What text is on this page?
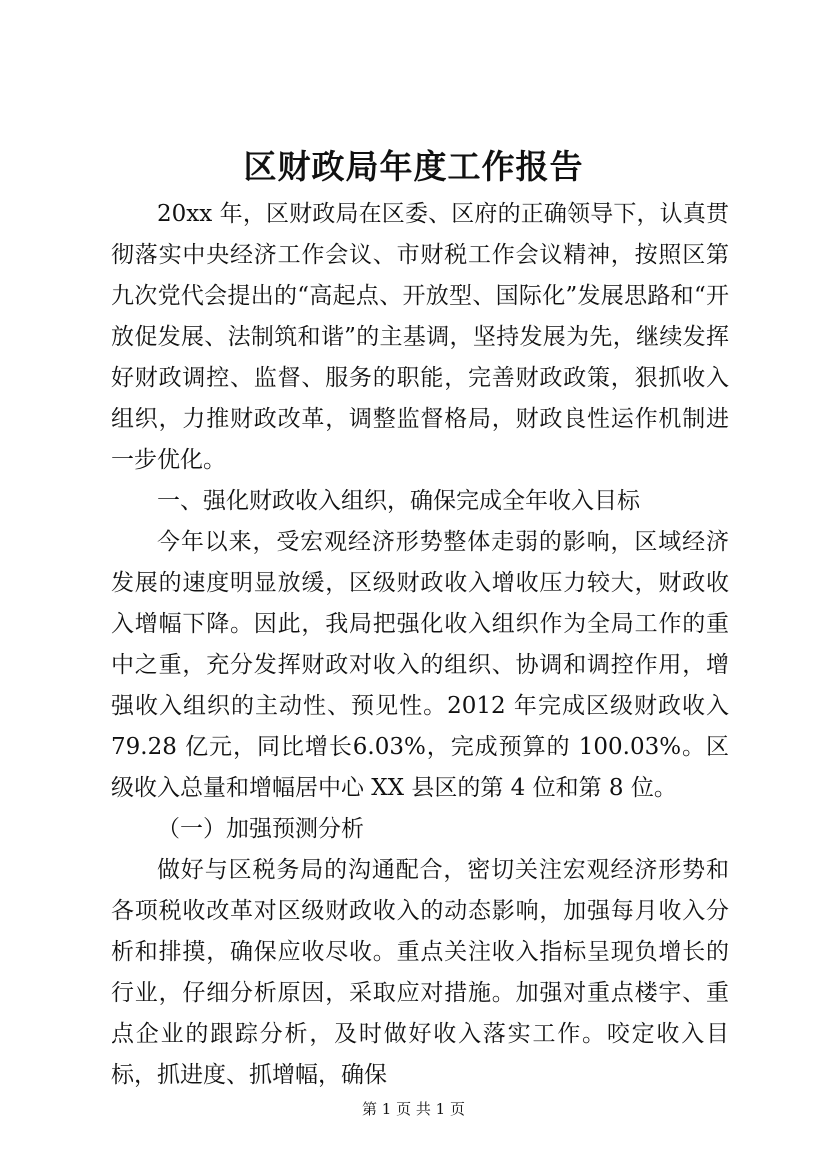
区财政局年度工作报告

20xx 年，区财政局在区委、区府的正确领导下，认真贯彻落实中央经济工作会议、市财税工作会议精神，按照区第九次党代会提出的“高起点、开放型、国际化”发展思路和“开放促发展、法制筑和谐”的主基调，坚持发展为先，继续发挥好财政调控、监督、服务的职能，完善财政政策，狠抓收入组织，力推财政改革，调整监督格局，财政良性运作机制进一步优化。

一、强化财政收入组织，确保完成全年收入目标

今年以来，受宏观经济形势整体走弱的影响，区域经济发展的速度明显放缓，区级财政收入增收压力较大，财政收入增幅下降。因此，我局把强化收入组织作为全局工作的重中之重，充分发挥财政对收入的组织、协调和调控作用，增强收入组织的主动性、预见性。2012 年完成区级财政收入 79.28 亿元，同比增长6.03%，完成预算的 100.03%。区级收入总量和增幅居中心 XX 县区的第 4 位和第 8 位。

（一）加强预测分析

做好与区税务局的沟通配合，密切关注宏观经济形势和各项税收改革对区级财政收入的动态影响，加强每月收入分析和排摸，确保应收尽收。重点关注收入指标呈现负增长的行业，仔细分析原因，采取应对措施。加强对重点楼宇、重点企业的跟踪分析，及时做好收入落实工作。咬定收入目标，抓进度、抓增幅，确保

第 1 页 共 1 页
